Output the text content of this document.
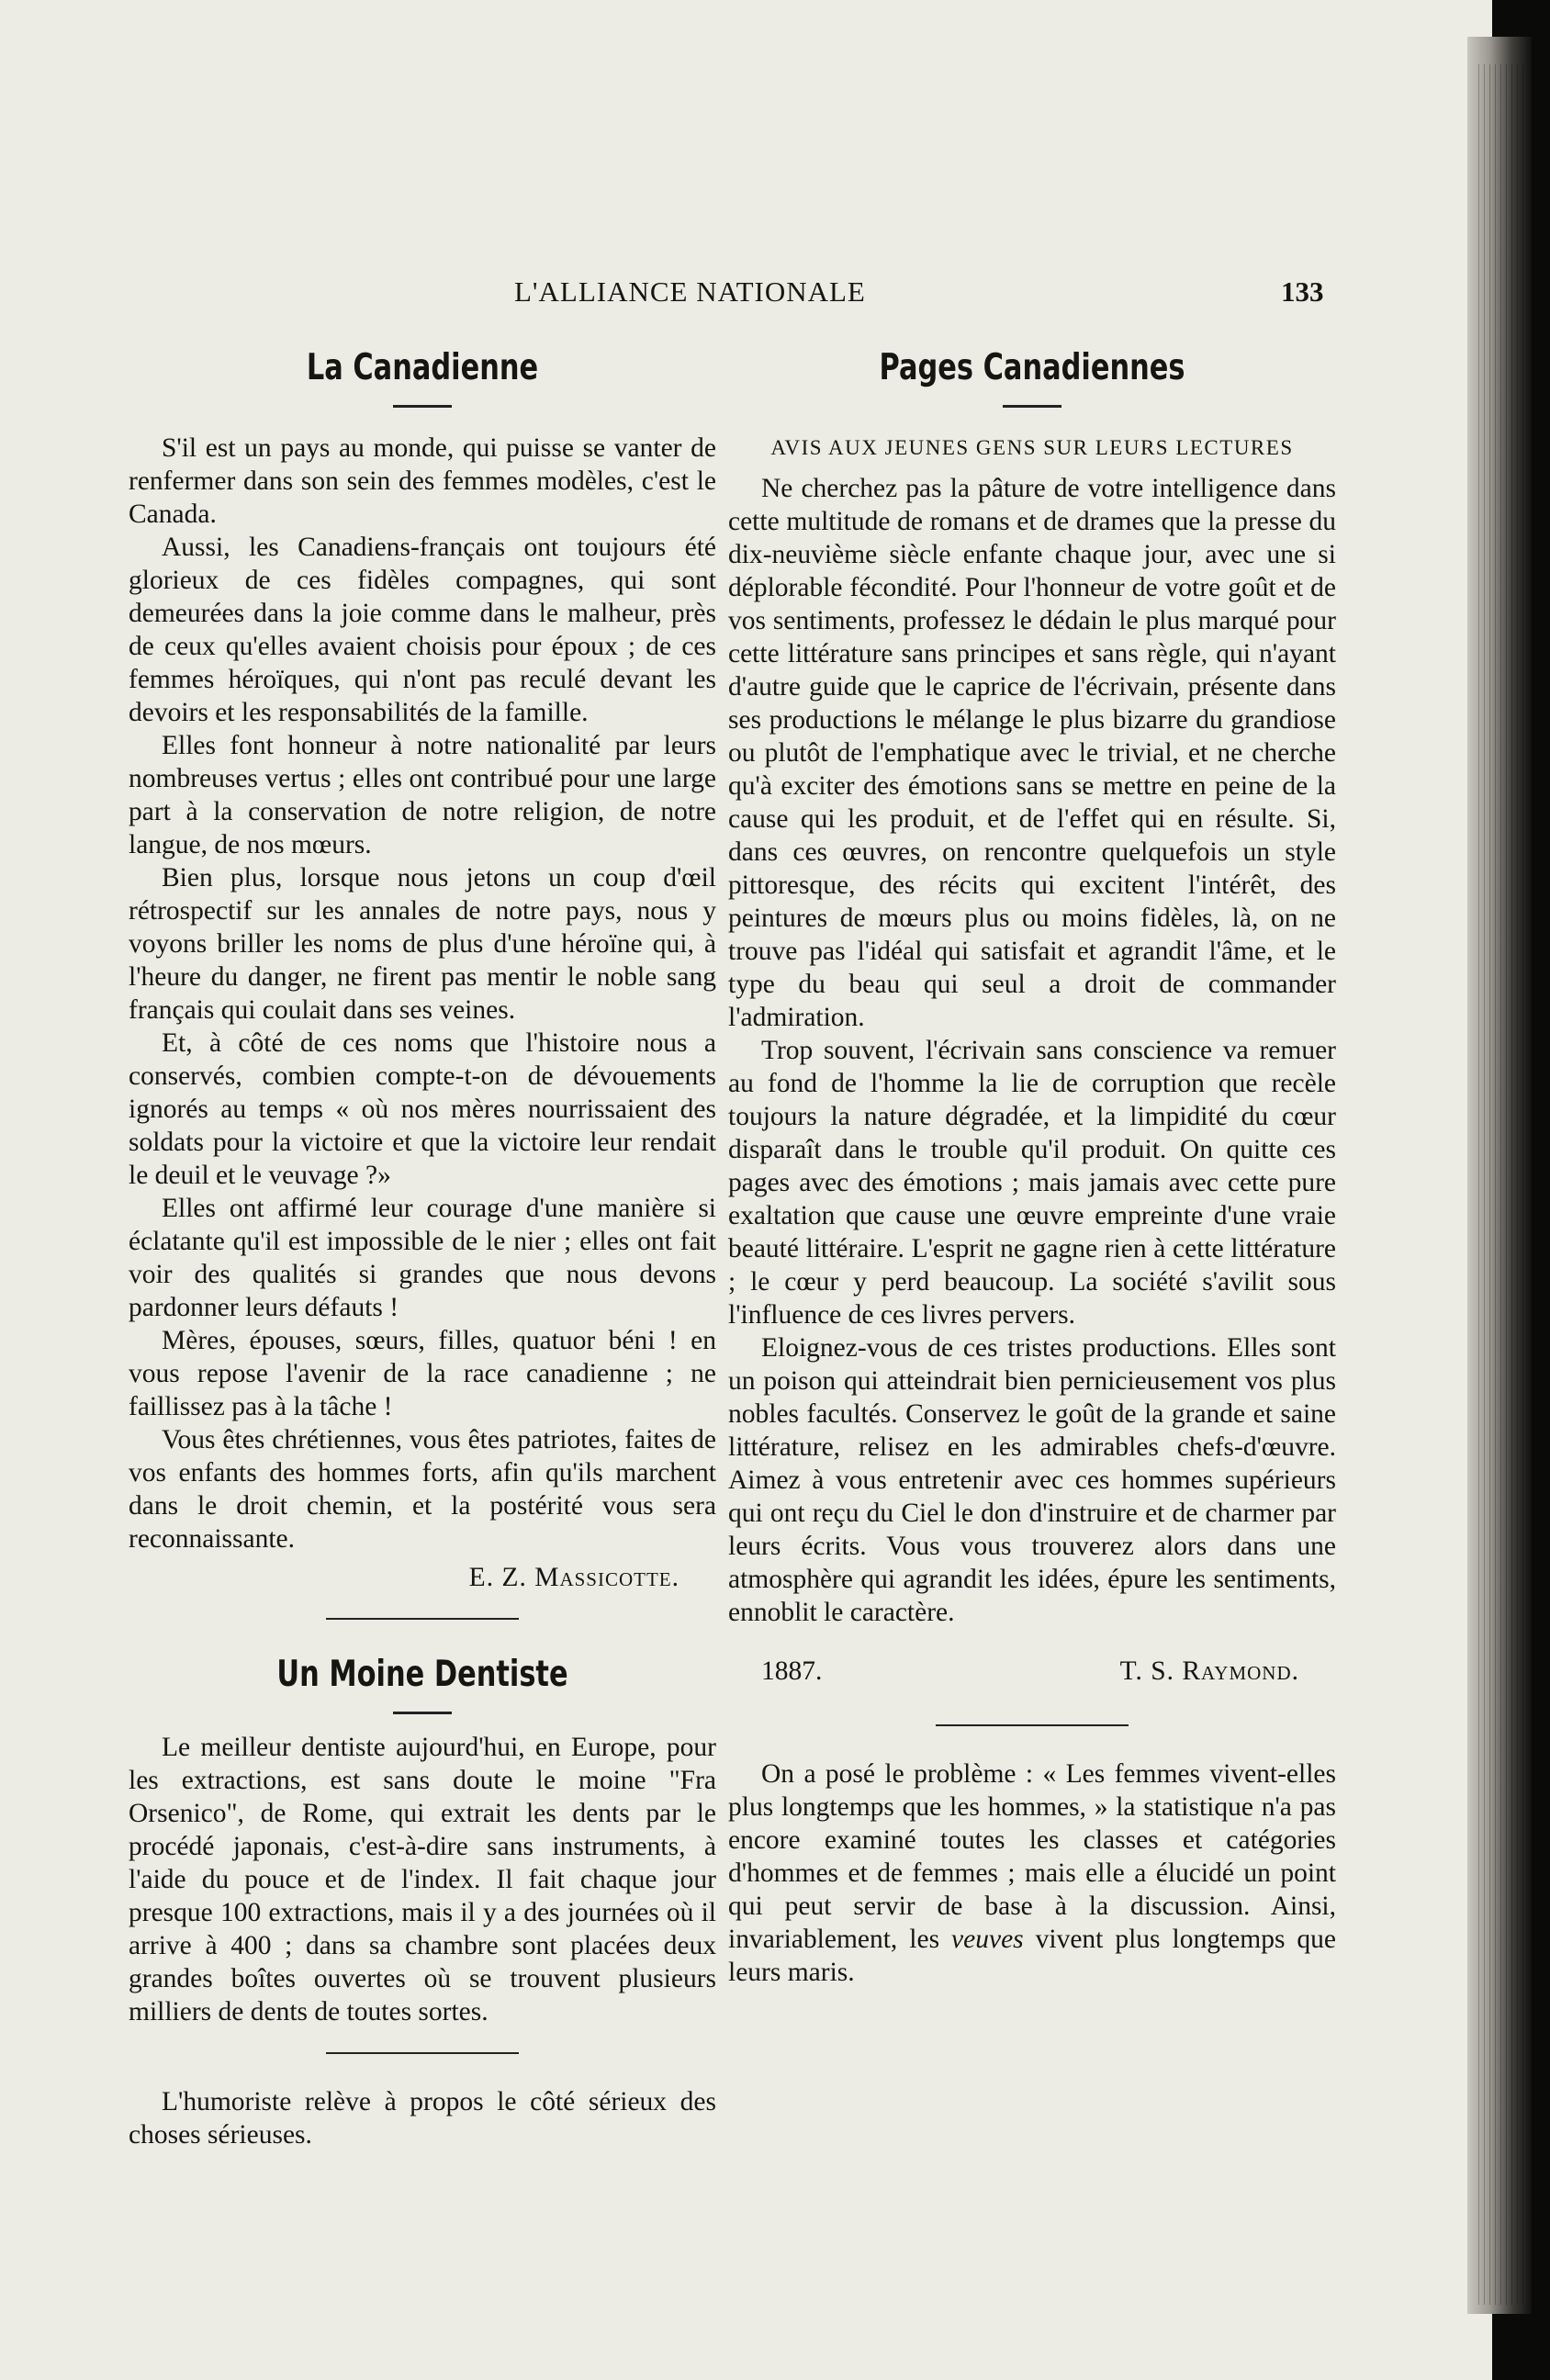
L'ALLIANCE NATIONALE	133
La Canadienne

S'il est un pays au monde, qui puisse se vanter de renfermer dans son sein des femmes modèles, c'est le Canada.

Aussi, les Canadiens-français ont toujours été glorieux de ces fidèles compagnes, qui sont demeurées dans la joie comme dans le malheur, près de ceux qu'elles avaient choisis pour époux ; de ces femmes héroïques, qui n'ont pas reculé devant les devoirs et les responsabilités de la famille.

Elles font honneur à notre nationalité par leurs nombreuses vertus ; elles ont contribué pour une large part à la conservation de notre religion, de notre langue, de nos mœurs.

Bien plus, lorsque nous jetons un coup d'œil rétrospectif sur les annales de notre pays, nous y voyons briller les noms de plus d'une héroïne qui, à l'heure du danger, ne firent pas mentir le noble sang français qui coulait dans ses veines.

Et, à côté de ces noms que l'histoire nous a conservés, combien compte-t-on de dévouements ignorés au temps « où nos mères nourrissaient des soldats pour la victoire et que la victoire leur rendait le deuil et le veuvage ?»

Elles ont affirmé leur courage d'une manière si éclatante qu'il est impossible de le nier ; elles ont fait voir des qualités si grandes que nous devons pardonner leurs défauts !

Mères, épouses, sœurs, filles, quatuor béni ! en vous repose l'avenir de la race canadienne ; ne faillissez pas à la tâche !

Vous êtes chrétiennes, vous êtes patriotes, faites de vos enfants des hommes forts, afin qu'ils marchent dans le droit chemin, et la postérité vous sera reconnaissante.

E. Z. Massicotte.
Un Moine Dentiste

Le meilleur dentiste aujourd'hui, en Europe, pour les extractions, est sans doute le moine "Fra Orsenico", de Rome, qui extrait les dents par le procédé japonais, c'est-à-dire sans instruments, à l'aide du pouce et de l'index. Il fait chaque jour presque 100 extractions, mais il y a des journées où il arrive à 400 ; dans sa chambre sont placées deux grandes boîtes ouvertes où se trouvent plusieurs milliers de dents de toutes sortes.

L'humoriste relève à propos le côté sérieux des choses sérieuses.

Pages Canadiennes
AVIS AUX JEUNES GENS SUR LEURS LECTURES

Ne cherchez pas la pâture de votre intelligence dans cette multitude de romans et de drames que la presse du dix-neuvième siècle enfante chaque jour, avec une si déplorable fécondité. Pour l'honneur de votre goût et de vos sentiments, professez le dédain le plus marqué pour cette littérature sans principes et sans règle, qui n'ayant d'autre guide que le caprice de l'écrivain, présente dans ses productions le mélange le plus bizarre du grandiose ou plutôt de l'emphatique avec le trivial, et ne cherche qu'à exciter des émotions sans se mettre en peine de la cause qui les produit, et de l'effet qui en résulte. Si, dans ces œuvres, on rencontre quelquefois un style pittoresque, des récits qui excitent l'intérêt, des peintures de mœurs plus ou moins fidèles, là, on ne trouve pas l'idéal qui satisfait et agrandit l'âme, et le type du beau qui seul a droit de commander l'admiration.

Trop souvent, l'écrivain sans conscience va remuer au fond de l'homme la lie de corruption que recèle toujours la nature dégradée, et la limpidité du cœur disparaît dans le trouble qu'il produit. On quitte ces pages avec des émotions ; mais jamais avec cette pure exaltation que cause une œuvre empreinte d'une vraie beauté littéraire. L'esprit ne gagne rien à cette littérature ; le cœur y perd beaucoup. La société s'avilit sous l'influence de ces livres pervers.

Eloignez-vous de ces tristes productions. Elles sont un poison qui atteindrait bien pernicieusement vos plus nobles facultés. Conservez le goût de la grande et saine littérature, relisez en les admirables chefs-d'œuvre. Aimez à vous entretenir avec ces hommes supérieurs qui ont reçu du Ciel le don d'instruire et de charmer par leurs écrits. Vous vous trouverez alors dans une atmosphère qui agrandit les idées, épure les sentiments, ennoblit le caractère.

1887.	T. S. Raymond.

On a posé le problème : « Les femmes vivent-elles plus longtemps que les hommes, » la statistique n'a pas encore examiné toutes les classes et catégories d'hommes et de femmes ; mais elle a élucidé un point qui peut servir de base à la discussion. Ainsi, invariablement, les veuves vivent plus longtemps que leurs maris.
